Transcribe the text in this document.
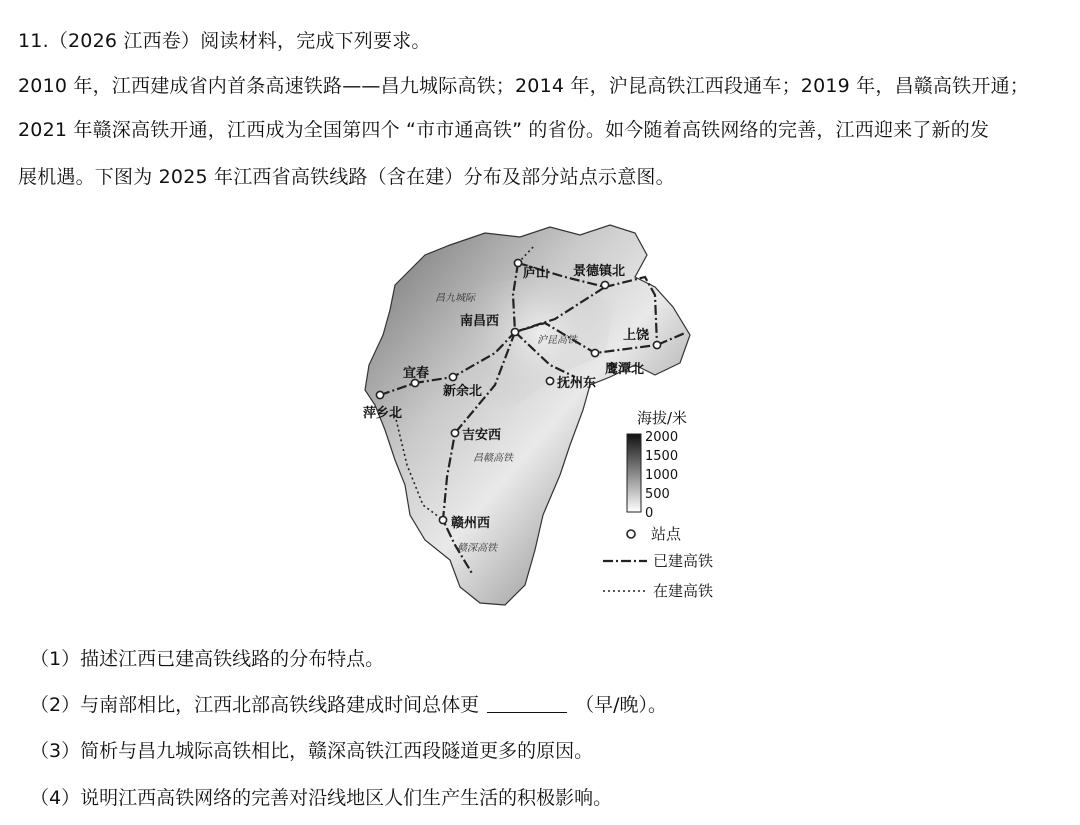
11.（2026 江西卷）阅读材料，完成下列要求。
2010 年，江西建成省内首条高速铁路——昌九城际高铁；2014 年，沪昆高铁江西段通车；2019 年，昌赣高铁开通；
2021 年赣深高铁开通，江西成为全国第四个 “市市通高铁” 的省份。如今随着高铁网络的完善，江西迎来了新的发
展机遇。下图为 2025 年江西省高铁线路（含在建）分布及部分站点示意图。
庐山 景德镇北
南昌西
上饶
鹰潭北
宜春
新余北
抚州东
萍乡北
吉安西
赣州西
昌九城际
沪昆高铁
昌赣高铁
赣深高铁
海拔/米
2000
1500
1000
500
0
站点
已建高铁
在建高铁
（1）描述江西已建高铁线路的分布特点。
（2）与南部相比，江西北部高铁线路建成时间总体更	（早/晚）。
（3）简析与昌九城际高铁相比，赣深高铁江西段隧道更多的原因。
（4）说明江西高铁网络的完善对沿线地区人们生产生活的积极影响。
